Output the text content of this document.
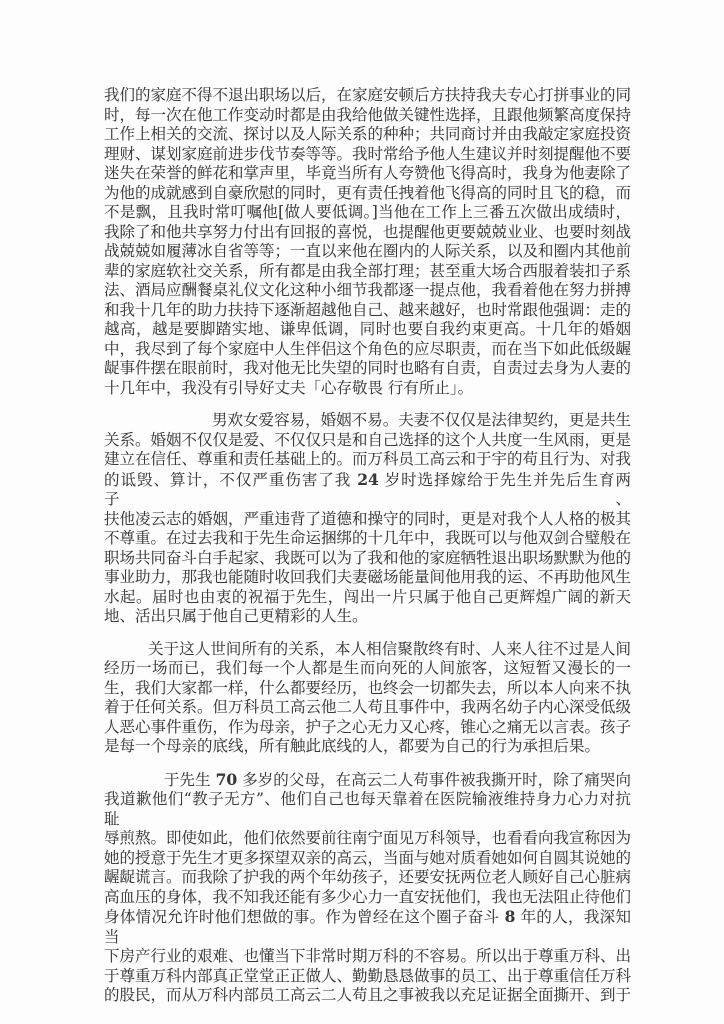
我们的家庭不得不退出职场以后，在家庭安顿后方扶持我夫专心打拼事业的同
时，每一次在他工作变动时都是由我给他做关键性选择，且跟他频繁高度保持
工作上相关的交流、探讨以及人际关系的种种；共同商讨并由我敲定家庭投资
理财、谋划家庭前进步伐节奏等等。我时常给予他人生建议并时刻提醒他不要
迷失在荣誉的鲜花和掌声里，毕竟当所有人夸赞他飞得高时，我身为他妻除了
为他的成就感到自豪欣慰的同时，更有责任拽着他飞得高的同时且飞的稳，而
不是飘，且我时常叮嘱他[做人要低调。]当他在工作上三番五次做出成绩时，
我除了和他共享努力付出有回报的喜悦，也提醒他更要兢兢业业、也要时刻战
战兢兢如履薄冰自省等等；一直以来他在圈内的人际关系，以及和圈内其他前
辈的家庭软社交关系，所有都是由我全部打理；甚至重大场合西服着装扣子系
法、酒局应酬餐桌礼仪文化这种小细节我都逐一提点他，我看着他在努力拼搏
和我十几年的助力扶持下逐渐超越他自己、越来越好，也时常跟他强调：走的
越高，越是要脚踏实地、谦卑低调，同时也要自我约束更高。十几年的婚姻
中，我尽到了每个家庭中人生伴侣这个角色的应尽职责，而在当下如此低级龌
龊事件摆在眼前时，我对他无比失望的同时也略有自责，自责过去身为人妻的
十几年中，我没有引导好丈夫「心存敬畏 行有所止」。
男欢女爱容易，婚姻不易。夫妻不仅仅是法律契约，更是共生
关系。婚姻不仅仅是爱、不仅仅只是和自己选择的这个人共度一生风雨，更是
建立在信任、尊重和责任基础上的。而万科员工高云和于宇的苟且行为、对我
的诋毁、算计，不仅严重伤害了我 24 岁时选择嫁给于先生并先后生育两子、
扶他凌云志的婚姻，严重违背了道德和操守的同时，更是对我个人人格的极其
不尊重。在过去我和于先生命运捆绑的十几年中，我既可以与他双剑合璧般在
职场共同奋斗白手起家、我既可以为了我和他的家庭牺牲退出职场默默为他的
事业助力，那我也能随时收回我们夫妻磁场能量间他用我的运、不再助他风生
水起。届时也由衷的祝福于先生，闯出一片只属于他自己更辉煌广阔的新天
地、活出只属于他自己更精彩的人生。
关于这人世间所有的关系，本人相信聚散终有时、人来人往不过是人间
经历一场而已，我们每一个人都是生而向死的人间旅客，这短暂又漫长的一
生，我们大家都一样，什么都要经历，也终会一切都失去，所以本人向来不执
着于任何关系。但万科员工高云他二人苟且事件中，我两名幼子内心深受低级
人恶心事件重伤，作为母亲，护子之心无力又心疼，锥心之痛无以言表。孩子
是每一个母亲的底线，所有触此底线的人，都要为自己的行为承担后果。
于先生 70 多岁的父母，在高云二人苟事件被我撕开时，除了痛哭向
我道歉他们“教子无方”、他们自己也每天靠着在医院输液维持身力心力对抗耻
辱煎熬。即使如此，他们依然要前往南宁面见万科领导，也看看向我宣称因为
她的授意于先生才更多探望双亲的高云，当面与她对质看她如何自圆其说她的
龌龊谎言。而我除了护我的两个年幼孩子，还要安抚两位老人顾好自己心脏病
高血压的身体，我不知我还能有多少心力一直安抚他们，我也无法阻止待他们
身体情况允许时他们想做的事。作为曾经在这个圈子奋斗 8 年的人，我深知当
下房产行业的艰难、也懂当下非常时期万科的不容易。所以出于尊重万科、出
于尊重万科内部真正堂堂正正做人、勤勤恳恳做事的员工、出于尊重信任万科
的股民，而从万科内部员工高云二人苟且之事被我以充足证据全面撕开、到于
